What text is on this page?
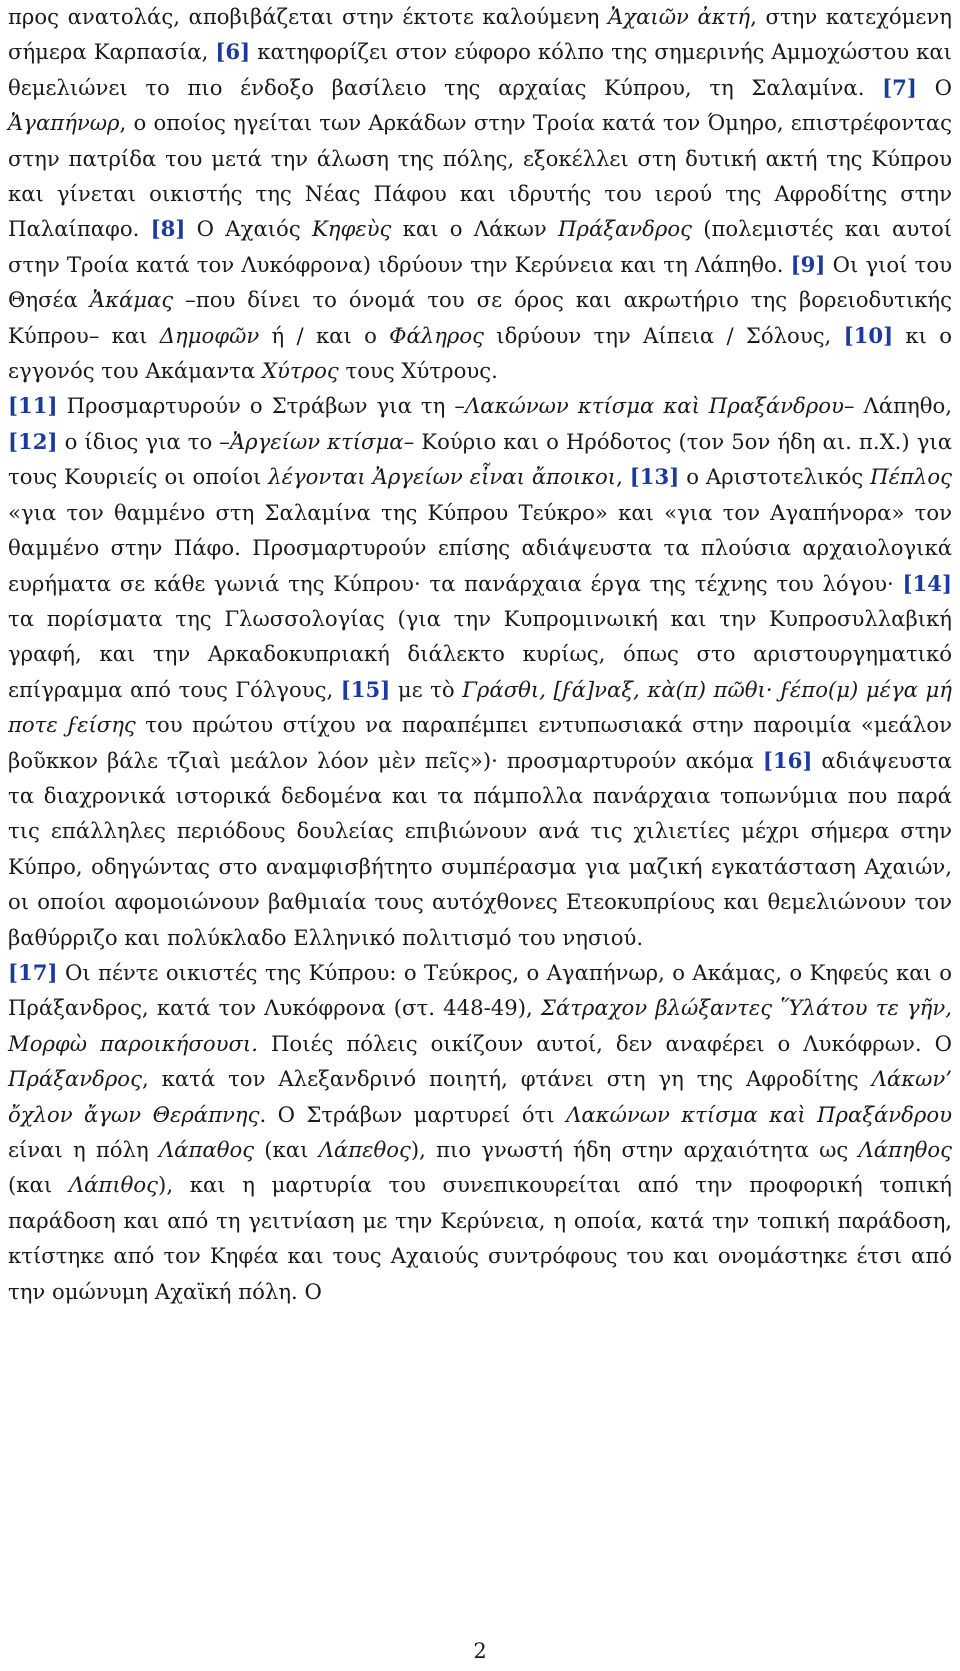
προς ανατολάς, αποβιβάζεται στην έκτοτε καλούμενη Ἀχαιῶν ἀκτή, στην κατεχόμενη σήμερα Καρπασία, [6] κατηφορίζει στον εύφορο κόλπο της σημερινής Αμμοχώστου και θεμελιώνει το πιο ένδοξο βασίλειο της αρχαίας Κύπρου, τη Σαλαμίνα. [7] Ο Ἀγαπήνωρ, ο οποίος ηγείται των Αρκάδων στην Τροία κατά τον Όμηρο, επιστρέφοντας στην πατρίδα του μετά την άλωση της πόλης, εξοκέλλει στη δυτική ακτή της Κύπρου και γίνεται οικιστής της Νέας Πάφου και ιδρυτής του ιερού της Αφροδίτης στην Παλαίπαφο. [8] Ο Αχαιός Κηφεὺς και ο Λάκων Πράξανδρος (πολεμιστές και αυτοί στην Τροία κατά τον Λυκόφρονα) ιδρύουν την Κερύνεια και τη Λάπηθο. [9] Οι γιοί του Θησέα Ἀκάμας –που δίνει το όνομά του σε όρος και ακρωτήριο της βορειοδυτικής Κύπρου– και Δημοφῶν ή / και ο Φάληρος ιδρύουν την Αίπεια / Σόλους, [10] κι ο εγγονός του Ακάμαντα Χύτρος τους Χύτρους.

[11] Προσμαρτυρούν ο Στράβων για τη –Λακώνων κτίσμα καὶ Πραξάνδρου– Λάπηθο, [12] ο ίδιος για το –Ἀργείων κτίσμα– Κούριο και ο Ηρόδοτος (τον 5ον ήδη αι. π.Χ.) για τους Κουριείς οι οποίοι λέγονται Ἀργείων εἶναι ἄποικοι, [13] ο Αριστοτελικός Πέπλος «για τον θαμμένο στη Σαλαμίνα της Κύπρου Τεύκρο» και «για τον Αγαπήνορα» τον θαμμένο στην Πάφο. Προσμαρτυρούν επίσης αδιάψευστα τα πλούσια αρχαιολογικά ευρήματα σε κάθε γωνιά της Κύπρου· τα πανάρχαια έργα της τέχνης του λόγου· [14] τα πορίσματα της Γλωσσολογίας (για την Κυπρομινωική και την Κυπροσυλλαβική γραφή, και την Αρκαδοκυπριακή διάλεκτο κυρίως, όπως στο αριστουργηματικό επίγραμμα από τους Γόλγους, [15] με τὸ Γράσθι, [ϝά]ναξ, κὰ(π) πῶθι· ϝέπο(μ) μέγα μή ποτε ϝείσης του πρώτου στίχου να παραπέμπει εντυπωσιακά στην παροιμία «μεάλον βοῦκκον βάλε τζιαὶ μεάλον λόον μὲν πεῖς»)· προσμαρτυρούν ακόμα [16] αδιάψευστα τα διαχρονικά ιστορικά δεδομένα και τα πάμπολλα πανάρχαια τοπωνύμια που παρά τις επάλληλες περιόδους δουλείας επιβιώνουν ανά τις χιλιετίες μέχρι σήμερα στην Κύπρο, οδηγώντας στο αναμφισβήτητο συμπέρασμα για μαζική εγκατάσταση Αχαιών, οι οποίοι αφομοιώνουν βαθμιαία τους αυτόχθονες Ετεοκυπρίους και θεμελιώνουν τον βαθύρριζο και πολύκλαδο Ελληνικό πολιτισμό του νησιού.

[17] Οι πέντε οικιστές της Κύπρου: ο Τεύκρος, ο Αγαπήνωρ, ο Ακάμας, ο Κηφεύς και ο Πράξανδρος, κατά τον Λυκόφρονα (στ. 448-49), Σάτραχον βλώξαντες Ὕλάτου τε γῆν, Μορφὼ παροικήσουσι. Ποιές πόλεις οικίζουν αυτοί, δεν αναφέρει ο Λυκόφρων. Ο Πράξανδρος, κατά τον Αλεξανδρινό ποιητή, φτάνει στη γη της Αφροδίτης Λάκων’ ὄχλον ἄγων Θεράπνης. Ο Στράβων μαρτυρεί ότι Λακώνων κτίσμα καὶ Πραξάνδρου είναι η πόλη Λάπαθος (και Λάπεθος), πιο γνωστή ήδη στην αρχαιότητα ως Λάπηθος (και Λάπιθος), και η μαρτυρία του συνεπικουρείται από την προφορική τοπική παράδοση και από τη γειτνίαση με την Κερύνεια, η οποία, κατά την τοπική παράδοση, κτίστηκε από τον Κηφέα και τους Αχαιούς συντρόφους του και ονομάστηκε έτσι από την ομώνυμη Αχαϊκή πόλη. Ο

2
